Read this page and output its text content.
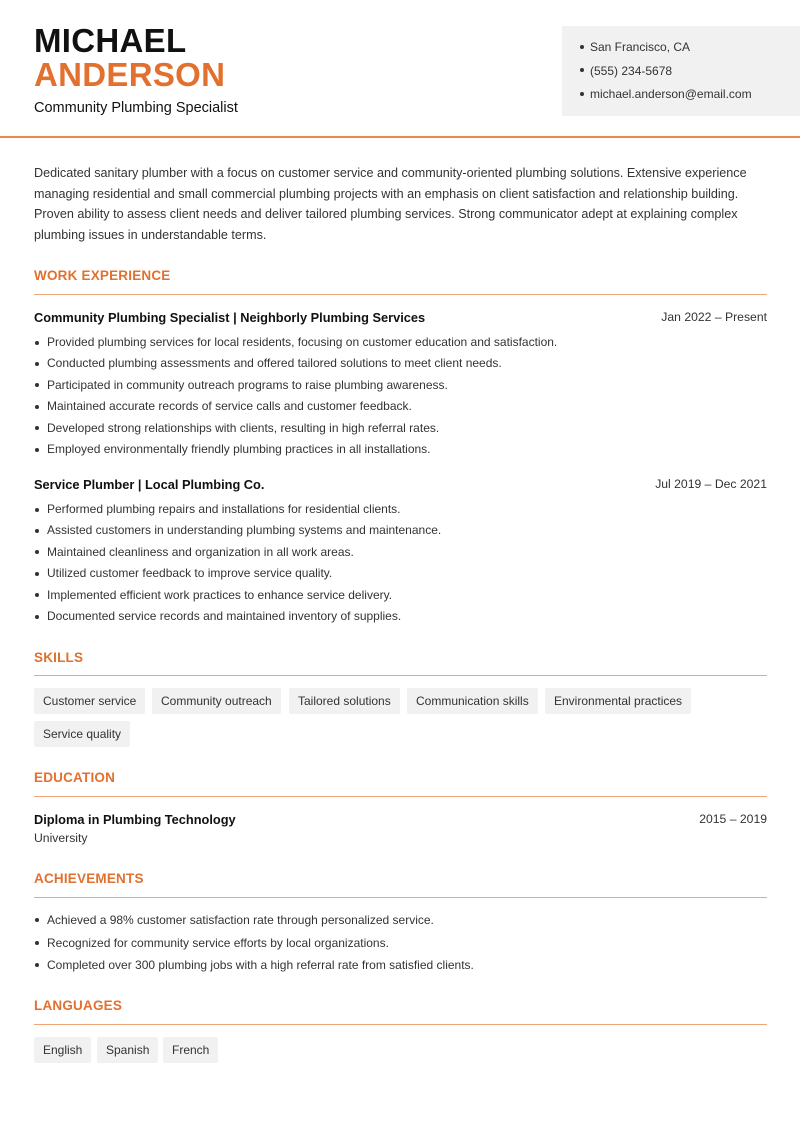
MICHAEL
ANDERSON
Community Plumbing Specialist
San Francisco, CA
(555) 234-5678
michael.anderson@email.com
Dedicated sanitary plumber with a focus on customer service and community-oriented plumbing solutions. Extensive experience managing residential and small commercial plumbing projects with an emphasis on client satisfaction and relationship building. Proven ability to assess client needs and deliver tailored plumbing services. Strong communicator adept at explaining complex plumbing issues in understandable terms.
WORK EXPERIENCE
Community Plumbing Specialist | Neighborly Plumbing Services	Jan 2022 – Present
Provided plumbing services for local residents, focusing on customer education and satisfaction.
Conducted plumbing assessments and offered tailored solutions to meet client needs.
Participated in community outreach programs to raise plumbing awareness.
Maintained accurate records of service calls and customer feedback.
Developed strong relationships with clients, resulting in high referral rates.
Employed environmentally friendly plumbing practices in all installations.
Service Plumber | Local Plumbing Co.	Jul 2019 – Dec 2021
Performed plumbing repairs and installations for residential clients.
Assisted customers in understanding plumbing systems and maintenance.
Maintained cleanliness and organization in all work areas.
Utilized customer feedback to improve service quality.
Implemented efficient work practices to enhance service delivery.
Documented service records and maintained inventory of supplies.
SKILLS
Customer service	Community outreach	Tailored solutions	Communication skills	Environmental practices
Service quality
EDUCATION
Diploma in Plumbing Technology	2015 – 2019
University
ACHIEVEMENTS
Achieved a 98% customer satisfaction rate through personalized service.
Recognized for community service efforts by local organizations.
Completed over 300 plumbing jobs with a high referral rate from satisfied clients.
LANGUAGES
English	Spanish	French
